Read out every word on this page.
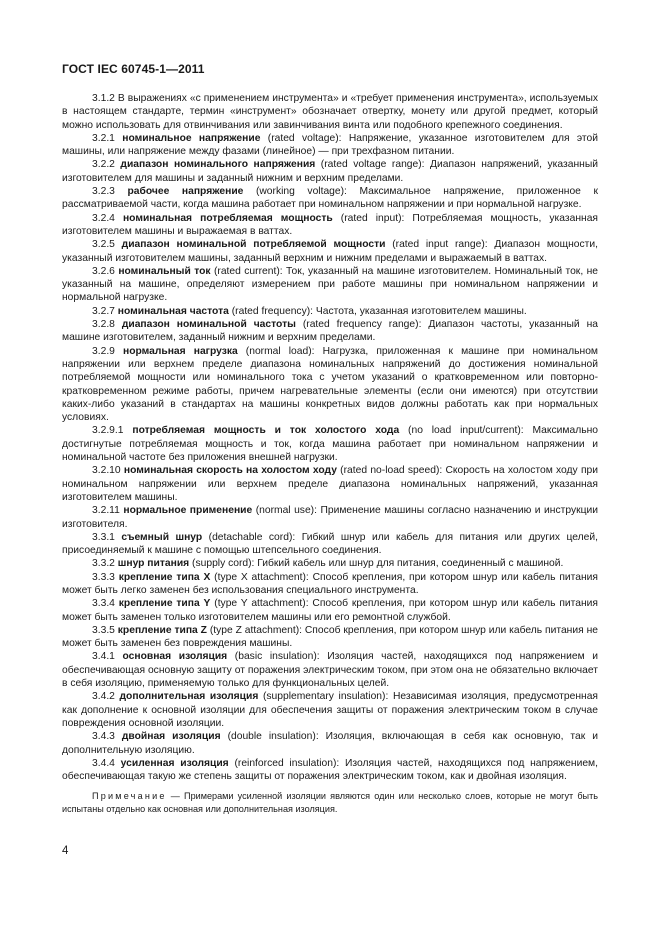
ГОСТ IEC 60745-1—2011

3.1.2 В выражениях «с применением инструмента» и «требует применения инструмента», используемых в настоящем стандарте, термин «инструмент» обозначает отвертку, монету или другой предмет, который можно использовать для отвинчивания или завинчивания винта или подобного крепежного соединения.

3.2.1 номинальное напряжение (rated voltage): Напряжение, указанное изготовителем для этой машины, или напряжение между фазами (линейное) — при трехфазном питании.

3.2.2 диапазон номинального напряжения (rated voltage range): Диапазон напряжений, указанный изготовителем для машины и заданный нижним и верхним пределами.

3.2.3 рабочее напряжение (working voltage): Максимальное напряжение, приложенное к рассматриваемой части, когда машина работает при номинальном напряжении и при нормальной нагрузке.

3.2.4 номинальная потребляемая мощность (rated input): Потребляемая мощность, указанная изготовителем машины и выражаемая в ваттах.

3.2.5 диапазон номинальной потребляемой мощности (rated input range): Диапазон мощности, указанный изготовителем машины, заданный верхним и нижним пределами и выражаемый в ваттах.

3.2.6 номинальный ток (rated current): Ток, указанный на машине изготовителем. Номинальный ток, не указанный на машине, определяют измерением при работе машины при номинальном напряжении и нормальной нагрузке.

3.2.7 номинальная частота (rated frequency): Частота, указанная изготовителем машины.

3.2.8 диапазон номинальной частоты (rated frequency range): Диапазон частоты, указанный на машине изготовителем, заданный нижним и верхним пределами.

3.2.9 нормальная нагрузка (normal load): Нагрузка, приложенная к машине при номинальном напряжении или верхнем пределе диапазона номинальных напряжений до достижения номинальной потребляемой мощности или номинального тока с учетом указаний о кратковременном или повторно-кратковременном режиме работы, причем нагревательные элементы (если они имеются) при отсутствии каких-либо указаний в стандартах на машины конкретных видов должны работать как при нормальных условиях.

3.2.9.1 потребляемая мощность и ток холостого хода (no load input/current): Максимально достигнутые потребляемая мощность и ток, когда машина работает при номинальном напряжении и номинальной частоте без приложения внешней нагрузки.

3.2.10 номинальная скорость на холостом ходу (rated no-load speed): Скорость на холостом ходу при номинальном напряжении или верхнем пределе диапазона номинальных напряжений, указанная изготовителем машины.

3.2.11 нормальное применение (normal use): Применение машины согласно назначению и инструкции изготовителя.

3.3.1 съемный шнур (detachable cord): Гибкий шнур или кабель для питания или других целей, присоединяемый к машине с помощью штепсельного соединения.

3.3.2 шнур питания (supply cord): Гибкий кабель или шнур для питания, соединенный с машиной.

3.3.3 крепление типа X (type X attachment): Способ крепления, при котором шнур или кабель питания может быть легко заменен без использования специального инструмента.

3.3.4 крепление типа Y (type Y attachment): Способ крепления, при котором шнур или кабель питания может быть заменен только изготовителем машины или его ремонтной службой.

3.3.5 крепление типа Z (type Z attachment): Способ крепления, при котором шнур или кабель питания не может быть заменен без повреждения машины.

3.4.1 основная изоляция (basic insulation): Изоляция частей, находящихся под напряжением и обеспечивающая основную защиту от поражения электрическим током, при этом она не обязательно включает в себя изоляцию, применяемую только для функциональных целей.

3.4.2 дополнительная изоляция (supplementary insulation): Независимая изоляция, предусмотренная как дополнение к основной изоляции для обеспечения защиты от поражения электрическим током в случае повреждения основной изоляции.

3.4.3 двойная изоляция (double insulation): Изоляция, включающая в себя как основную, так и дополнительную изоляцию.

3.4.4 усиленная изоляция (reinforced insulation): Изоляция частей, находящихся под напряжением, обеспечивающая такую же степень защиты от поражения электрическим током, как и двойная изоляция.

Примечание — Примерами усиленной изоляции являются один или несколько слоев, которые не могут быть испытаны отдельно как основная или дополнительная изоляция.

4
